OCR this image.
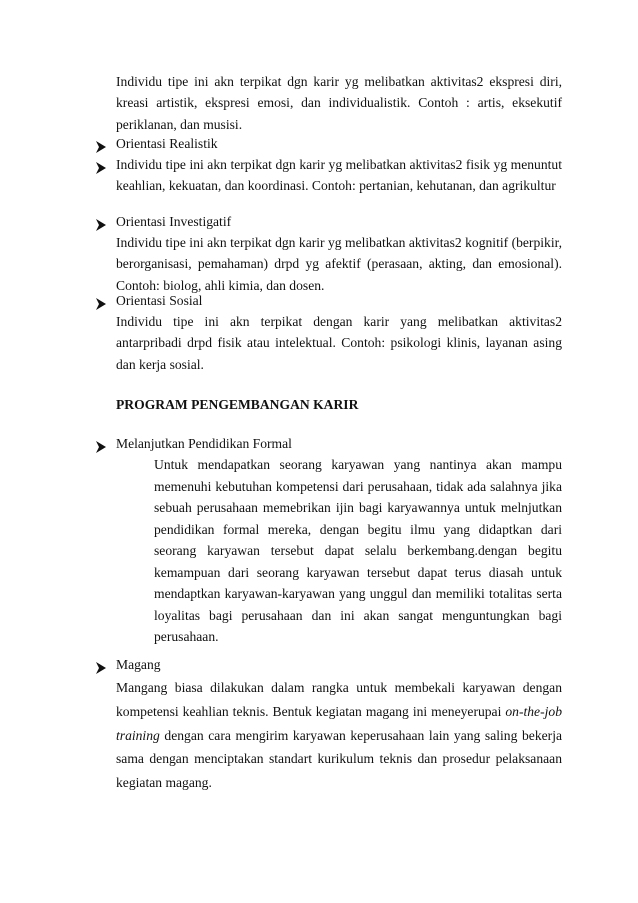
Individu tipe ini akn terpikat dgn karir yg melibatkan aktivitas2 ekspresi diri, kreasi artistik, ekspresi emosi, dan individualistik. Contoh : artis, eksekutif periklanan, dan musisi.

Orientasi Realistik

Individu tipe ini akn terpikat dgn karir yg melibatkan aktivitas2 fisik yg menuntut keahlian, kekuatan, dan koordinasi. Contoh: pertanian, kehutanan, dan agrikultur

Orientasi Investigatif

Individu tipe ini akn terpikat dgn karir yg melibatkan aktivitas2 kognitif (berpikir, berorganisasi, pemahaman) drpd yg afektif (perasaan, akting, dan emosional). Contoh: biolog, ahli kimia, dan dosen.

Orientasi Sosial

Individu tipe ini akn terpikat dengan karir yang melibatkan aktivitas2 antarpribadi drpd fisik atau intelektual. Contoh: psikologi klinis, layanan asing dan kerja sosial.

PROGRAM PENGEMBANGAN KARIR
Melanjutkan Pendidikan Formal

Untuk mendapatkan seorang karyawan yang nantinya akan mampu memenuhi kebutuhan kompetensi dari perusahaan, tidak ada salahnya jika sebuah perusahaan memebrikan ijin bagi karyawannya untuk melnjutkan pendidikan formal mereka, dengan begitu ilmu yang didaptkan dari seorang karyawan tersebut dapat selalu berkembang.dengan begitu kemampuan dari seorang karyawan tersebut dapat terus diasah untuk mendaptkan karyawan-karyawan yang unggul dan memiliki totalitas serta loyalitas bagi perusahaan dan ini akan sangat menguntungkan bagi perusahaan.

Magang

Mangang biasa dilakukan dalam rangka untuk membekali karyawan dengan kompetensi keahlian teknis. Bentuk kegiatan magang ini meneyerupai on-the-job training dengan cara mengirim karyawan keperusahaan lain yang saling bekerja sama dengan menciptakan standart kurikulum teknis dan prosedur pelaksanaan kegiatan magang.
